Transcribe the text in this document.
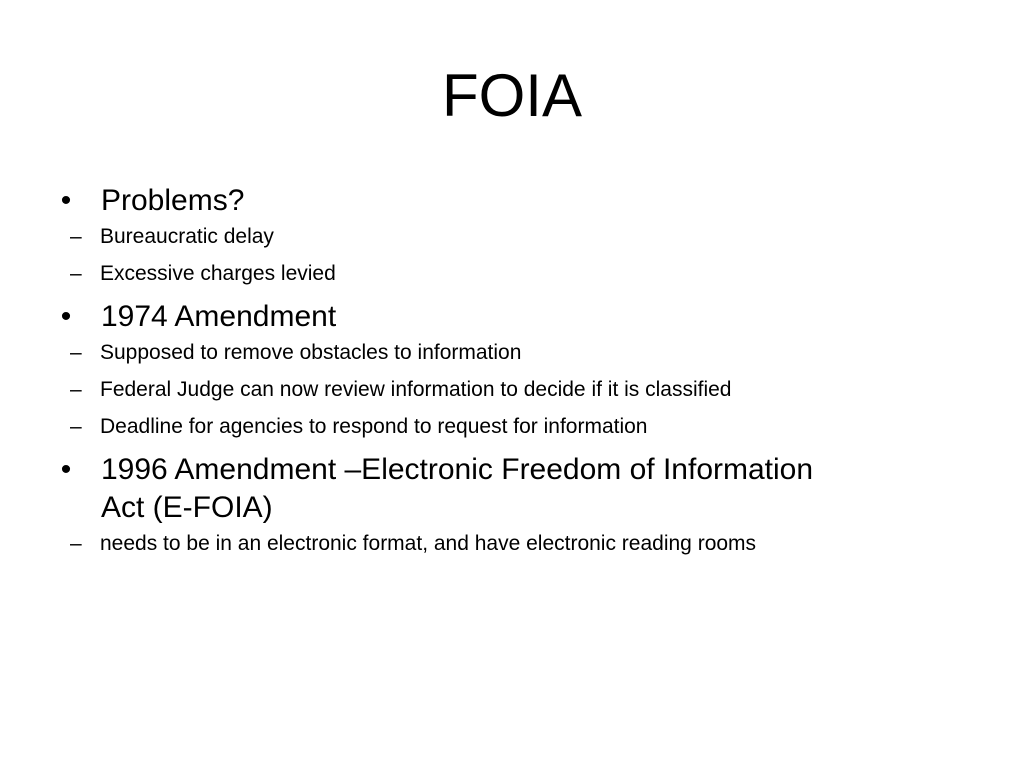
FOIA
• Problems?
– Bureaucratic delay
– Excessive charges levied
• 1974 Amendment
– Supposed to remove obstacles to information
– Federal Judge can now review information to decide if it is classified
– Deadline for agencies to respond to request for information
• 1996 Amendment –Electronic Freedom of Information
Act (E-FOIA)
– needs to be in an electronic format, and have electronic reading rooms
